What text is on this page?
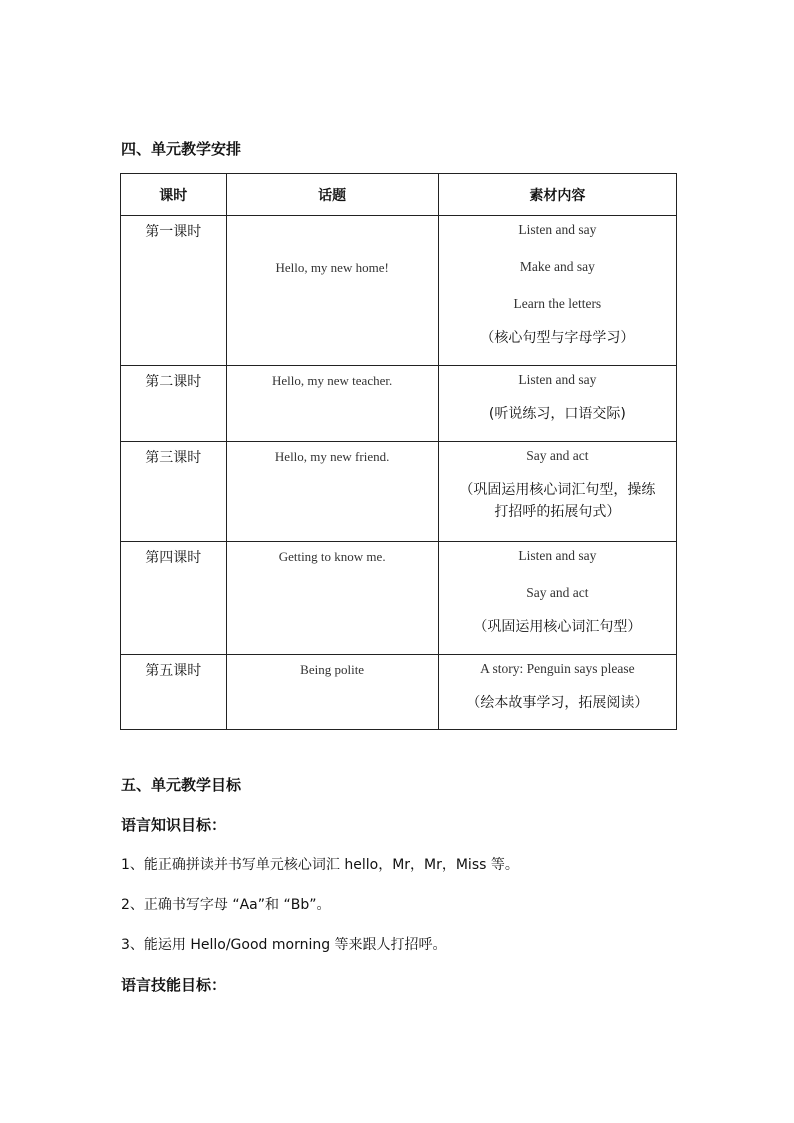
四、单元教学安排
课时	话题	素材内容
第一课时	Hello, my new home!	Listen and say
Make and say
Learn the letters
（核心句型与字母学习）

第二课时	Hello, my new teacher.	Listen and say
(听说练习，口语交际)

第三课时	Hello, my new friend.	Say and act
（巩固运用核心词汇句型，操练打招呼的拓展句式）

第四课时	Getting to know me.	Listen and say
Say and act
（巩固运用核心词汇句型）

第五课时	Being polite	A story: Penguin says please
（绘本故事学习，拓展阅读）
五、单元教学目标
语言知识目标：
1、能正确拼读并书写单元核心词汇 hello，Mr，Mr，Miss 等。
2、正确书写字母 “Aa”和 “Bb”。
3、能运用 Hello/Good morning 等来跟人打招呼。
语言技能目标：
